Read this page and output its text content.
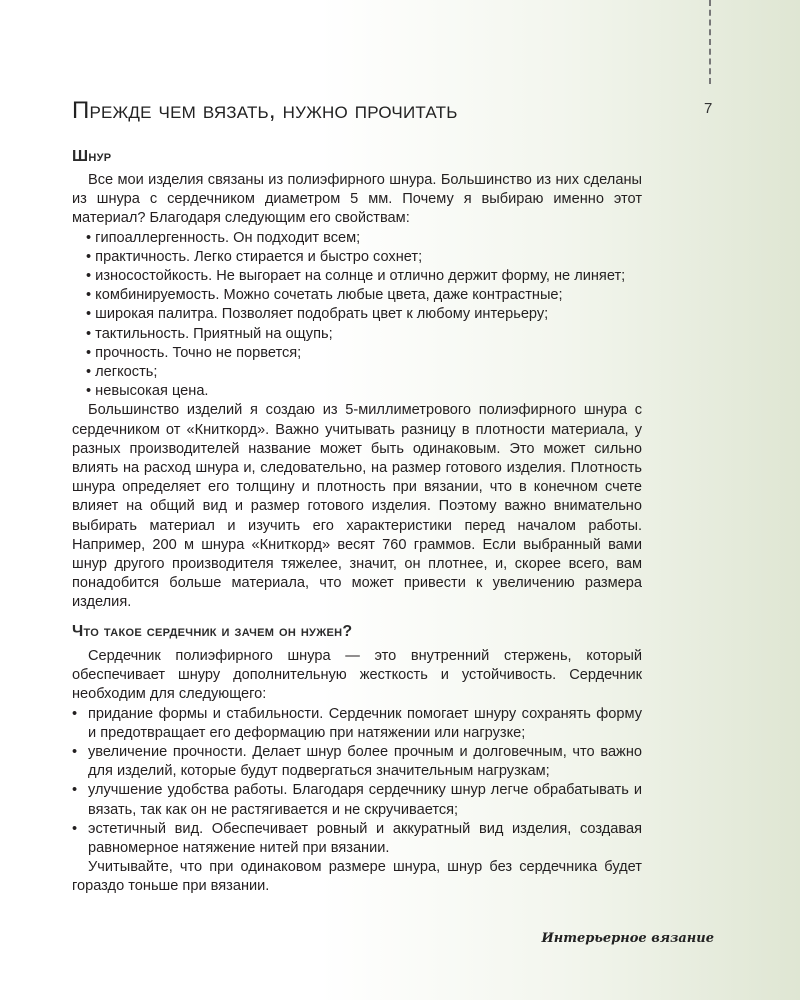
7
Прежде чем вязать, нужно прочитать
Шнур

Все мои изделия связаны из полиэфирного шнура. Большинство из них сделаны из шнура с сердечником диаметром 5 мм. Почему я выбираю именно этот материал? Благодаря следующим его свойствам:

• гипоаллергенность. Он подходит всем;
• практичность. Легко стирается и быстро сохнет;
• износостойкость. Не выгорает на солнце и отлично держит форму, не линяет;
• комбинируемость. Можно сочетать любые цвета, даже контрастные;
• широкая палитра. Позволяет подобрать цвет к любому интерьеру;
• тактильность. Приятный на ощупь;
• прочность. Точно не порвется;
• легкость;
• невысокая цена.

Большинство изделий я создаю из 5-миллиметрового полиэфирного шнура с сердечником от «Книткорд». Важно учитывать разницу в плотности материала, у разных производителей название может быть одинаковым. Это может сильно влиять на расход шнура и, следовательно, на размер готового изделия. Плотность шнура определяет его толщину и плотность при вязании, что в конечном счете влияет на общий вид и размер готового изделия. Поэтому важно внимательно выбирать материал и изучить его характеристики перед началом работы. Например, 200 м шнура «Книткорд» весят 760 граммов. Если выбранный вами шнур другого производителя тяжелее, значит, он плотнее, и, скорее всего, вам понадобится больше материала, что может привести к увеличению размера изделия.

Что такое сердечник и зачем он нужен?

Сердечник полиэфирного шнура — это внутренний стержень, который обеспечивает шнуру дополнительную жесткость и устойчивость. Сердечник необходим для следующего:

• придание формы и стабильности. Сердечник помогает шнуру сохранять форму и предотвращает его деформацию при натяжении или нагрузке;
• увеличение прочности. Делает шнур более прочным и долговечным, что важно для изделий, которые будут подвергаться значительным нагрузкам;
• улучшение удобства работы. Благодаря сердечнику шнур легче обрабатывать и вязать, так как он не растягивается и не скручивается;
• эстетичный вид. Обеспечивает ровный и аккуратный вид изделия, создавая равномерное натяжение нитей при вязании.

Учитывайте, что при одинаковом размере шнура, шнур без сердечника будет гораздо тоньше при вязании.

Интерьерное вязание
